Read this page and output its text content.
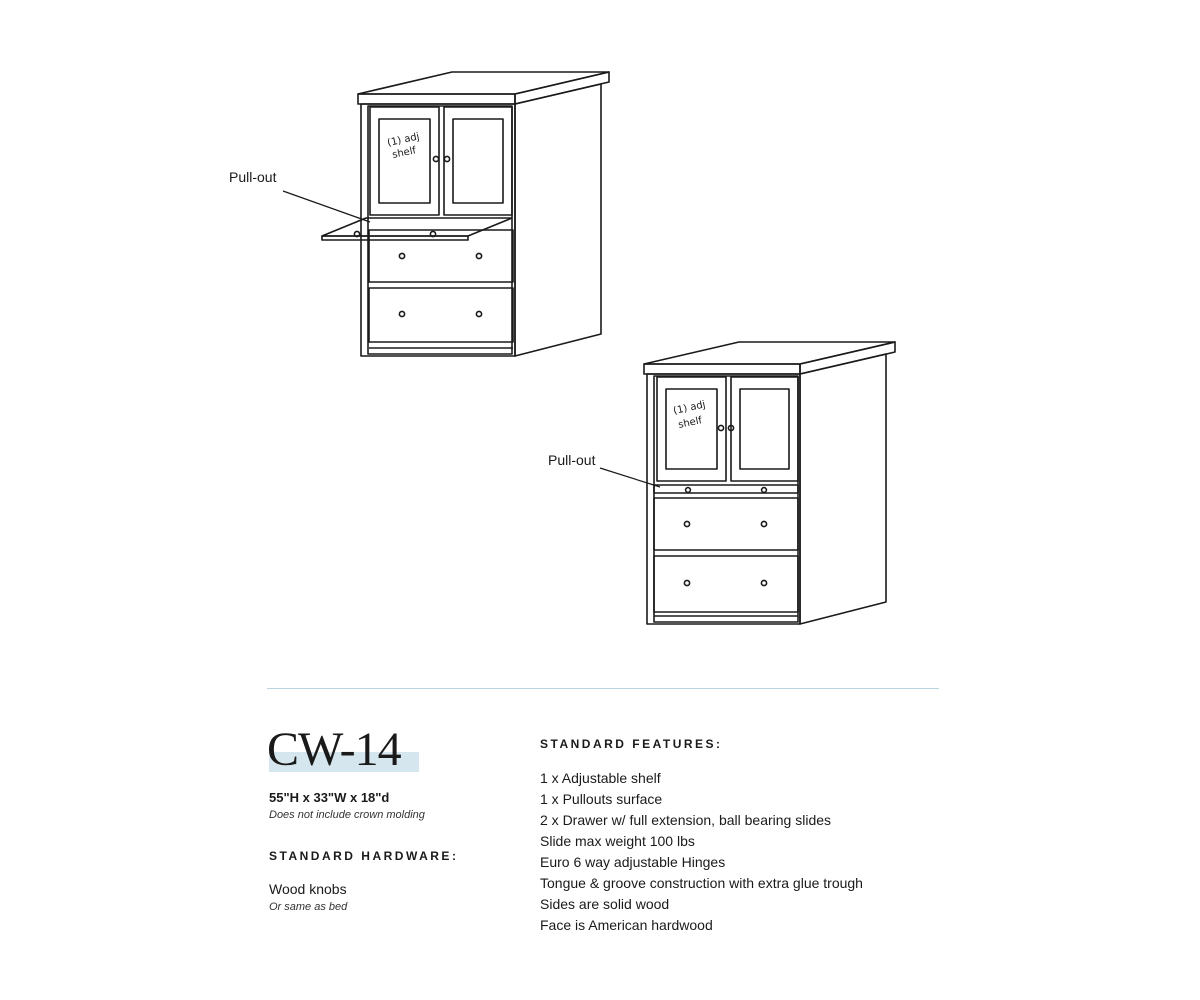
(1) adj
shelf
(1) adj
shelf
Pull-out
Pull-out
CW-14
55"H x 33"W x 18"d
Does not include crown molding
STANDARD HARDWARE:
Wood knobs
Or same as bed
STANDARD FEATURES:
1 x Adjustable shelf
1 x Pullouts surface
2 x Drawer w/ full extension, ball bearing slides
Slide max weight 100 lbs
Euro 6 way adjustable Hinges
Tongue & groove construction with extra glue trough
Sides are solid wood
Face is American hardwood
